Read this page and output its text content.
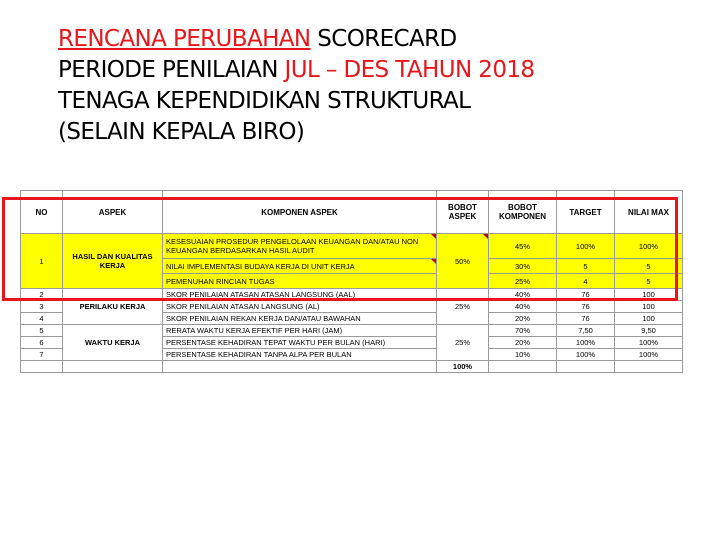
RENCANA PERUBAHAN SCORECARD
PERIODE PENILAIAN JUL – DES TAHUN 2018
TENAGA KEPENDIDIKAN STRUKTURAL
(SELAIN KEPALA BIRO)
NO	ASPEK	KOMPONEN ASPEK	BOBOT ASPEK	BOBOT KOMPONEN	TARGET	NILAI MAX
1	HASIL DAN KUALITAS KERJA	KESESUAIAN PROSEDUR PENGELOLAAN KEUANGAN DAN/ATAU NON KEUANGAN BERDASARKAN HASIL AUDIT	50%	45%	100%	100%
		NILAI IMPLEMENTASI BUDAYA KERJA DI UNIT KERJA		30%	5	5
		PEMENUHAN RINCIAN TUGAS		25%	4	5
2	PERILAKU KERJA	SKOR PENILAIAN ATASAN ATASAN LANGSUNG (AAL)	25%	40%	76	100
3		SKOR PENILAIAN ATASAN LANGSUNG (AL)		40%	76	100
4		SKOR PENILAIAN REKAN KERJA DAN/ATAU BAWAHAN		20%	76	100
5	WAKTU KERJA	RERATA WAKTU KERJA EFEKTIF PER HARI (JAM)	25%	70%	7,50	9,50
6		PERSENTASE KEHADIRAN TEPAT WAKTU PER BULAN (HARI)		20%	100%	100%
7		PERSENTASE KEHADIRAN TANPA ALPA PER BULAN		10%	100%	100%
			100%			
